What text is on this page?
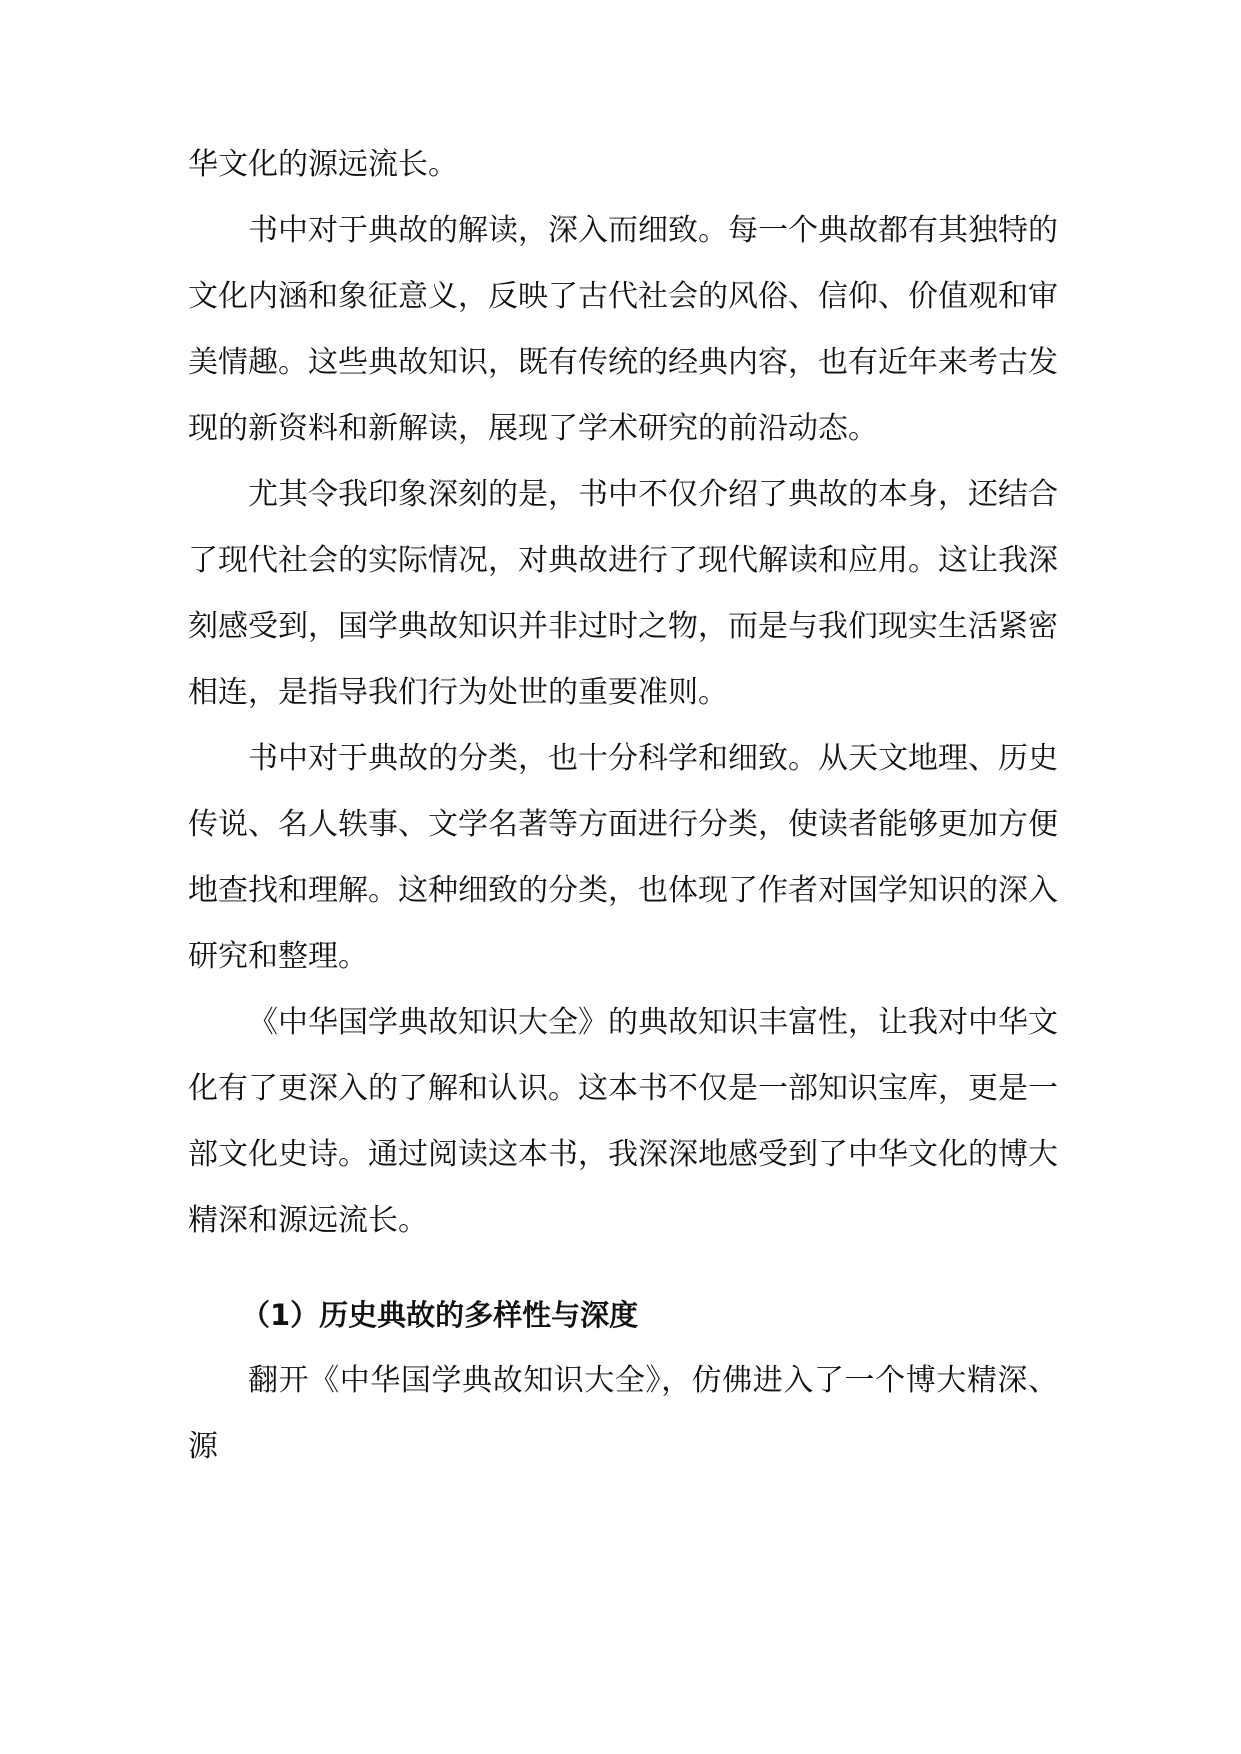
华文化的源远流长。

书中对于典故的解读，深入而细致。每一个典故都有其独特的文化内涵和象征意义，反映了古代社会的风俗、信仰、价值观和审美情趣。这些典故知识，既有传统的经典内容，也有近年来考古发现的新资料和新解读，展现了学术研究的前沿动态。

尤其令我印象深刻的是，书中不仅介绍了典故的本身，还结合了现代社会的实际情况，对典故进行了现代解读和应用。这让我深刻感受到，国学典故知识并非过时之物，而是与我们现实生活紧密相连，是指导我们行为处世的重要准则。

书中对于典故的分类，也十分科学和细致。从天文地理、历史传说、名人轶事、文学名著等方面进行分类，使读者能够更加方便地查找和理解。这种细致的分类，也体现了作者对国学知识的深入研究和整理。

《中华国学典故知识大全》的典故知识丰富性，让我对中华文化有了更深入的了解和认识。这本书不仅是一部知识宝库，更是一部文化史诗。通过阅读这本书，我深深地感受到了中华文化的博大精深和源远流长。

（1）历史典故的多样性与深度

翻开《中华国学典故知识大全》，仿佛进入了一个博大精深、源
